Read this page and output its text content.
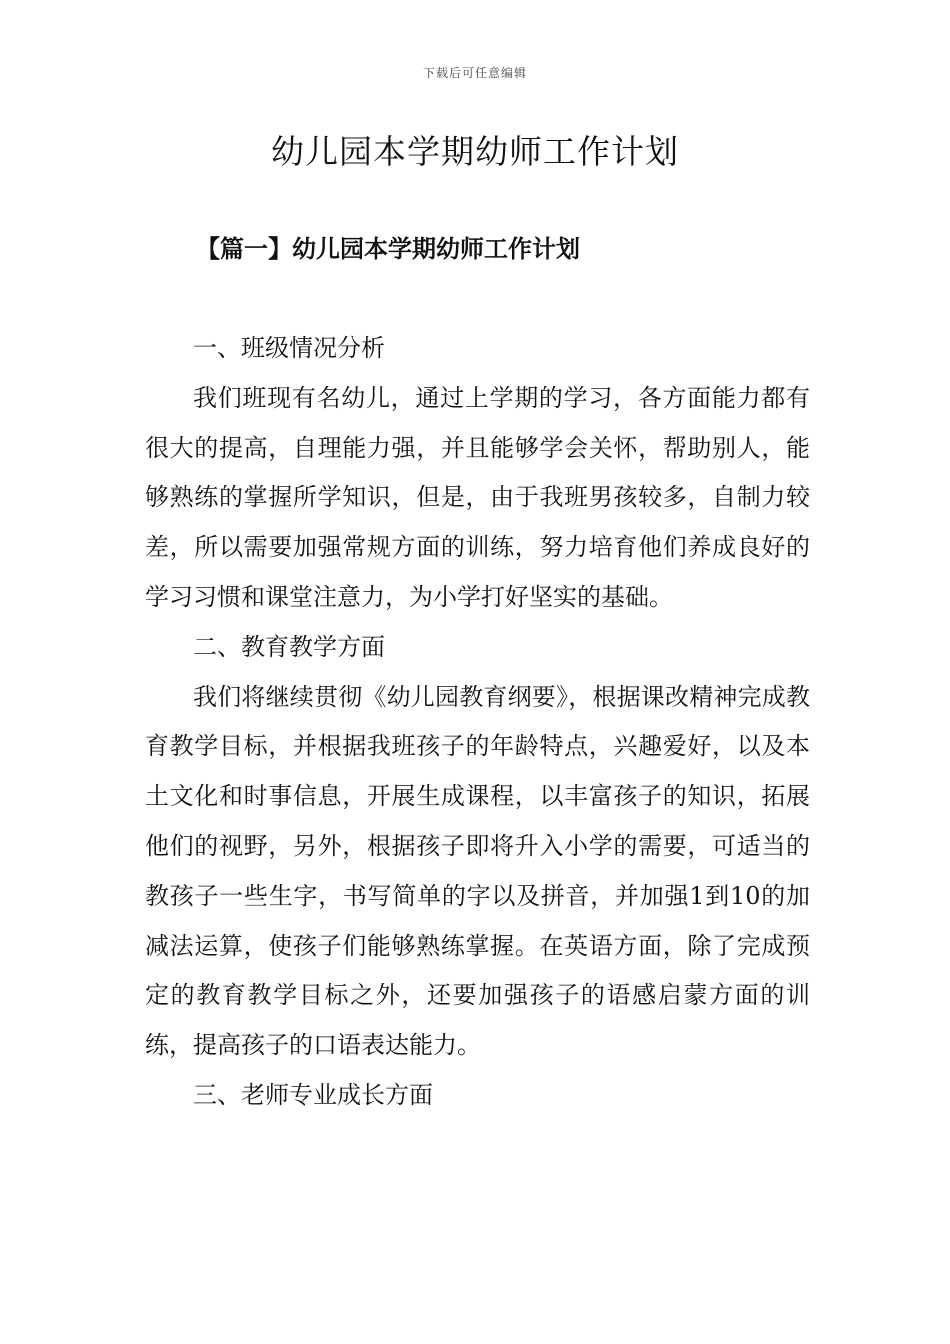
下载后可任意编辑
幼儿园本学期幼师工作计划
【篇一】幼儿园本学期幼师工作计划

一、班级情况分析

我们班现有名幼儿，通过上学期的学习，各方面能力都有很大的提高，自理能力强，并且能够学会关怀，帮助别人，能够熟练的掌握所学知识，但是，由于我班男孩较多，自制力较差，所以需要加强常规方面的训练，努力培育他们养成良好的学习习惯和课堂注意力，为小学打好坚实的基础。

二、教育教学方面

我们将继续贯彻《幼儿园教育纲要》，根据课改精神完成教育教学目标，并根据我班孩子的年龄特点，兴趣爱好，以及本土文化和时事信息，开展生成课程，以丰富孩子的知识，拓展他们的视野，另外，根据孩子即将升入小学的需要，可适当的教孩子一些生字，书写简单的字以及拼音，并加强1到10的加减法运算，使孩子们能够熟练掌握。在英语方面，除了完成预定的教育教学目标之外，还要加强孩子的语感启蒙方面的训练，提高孩子的口语表达能力。

三、老师专业成长方面
